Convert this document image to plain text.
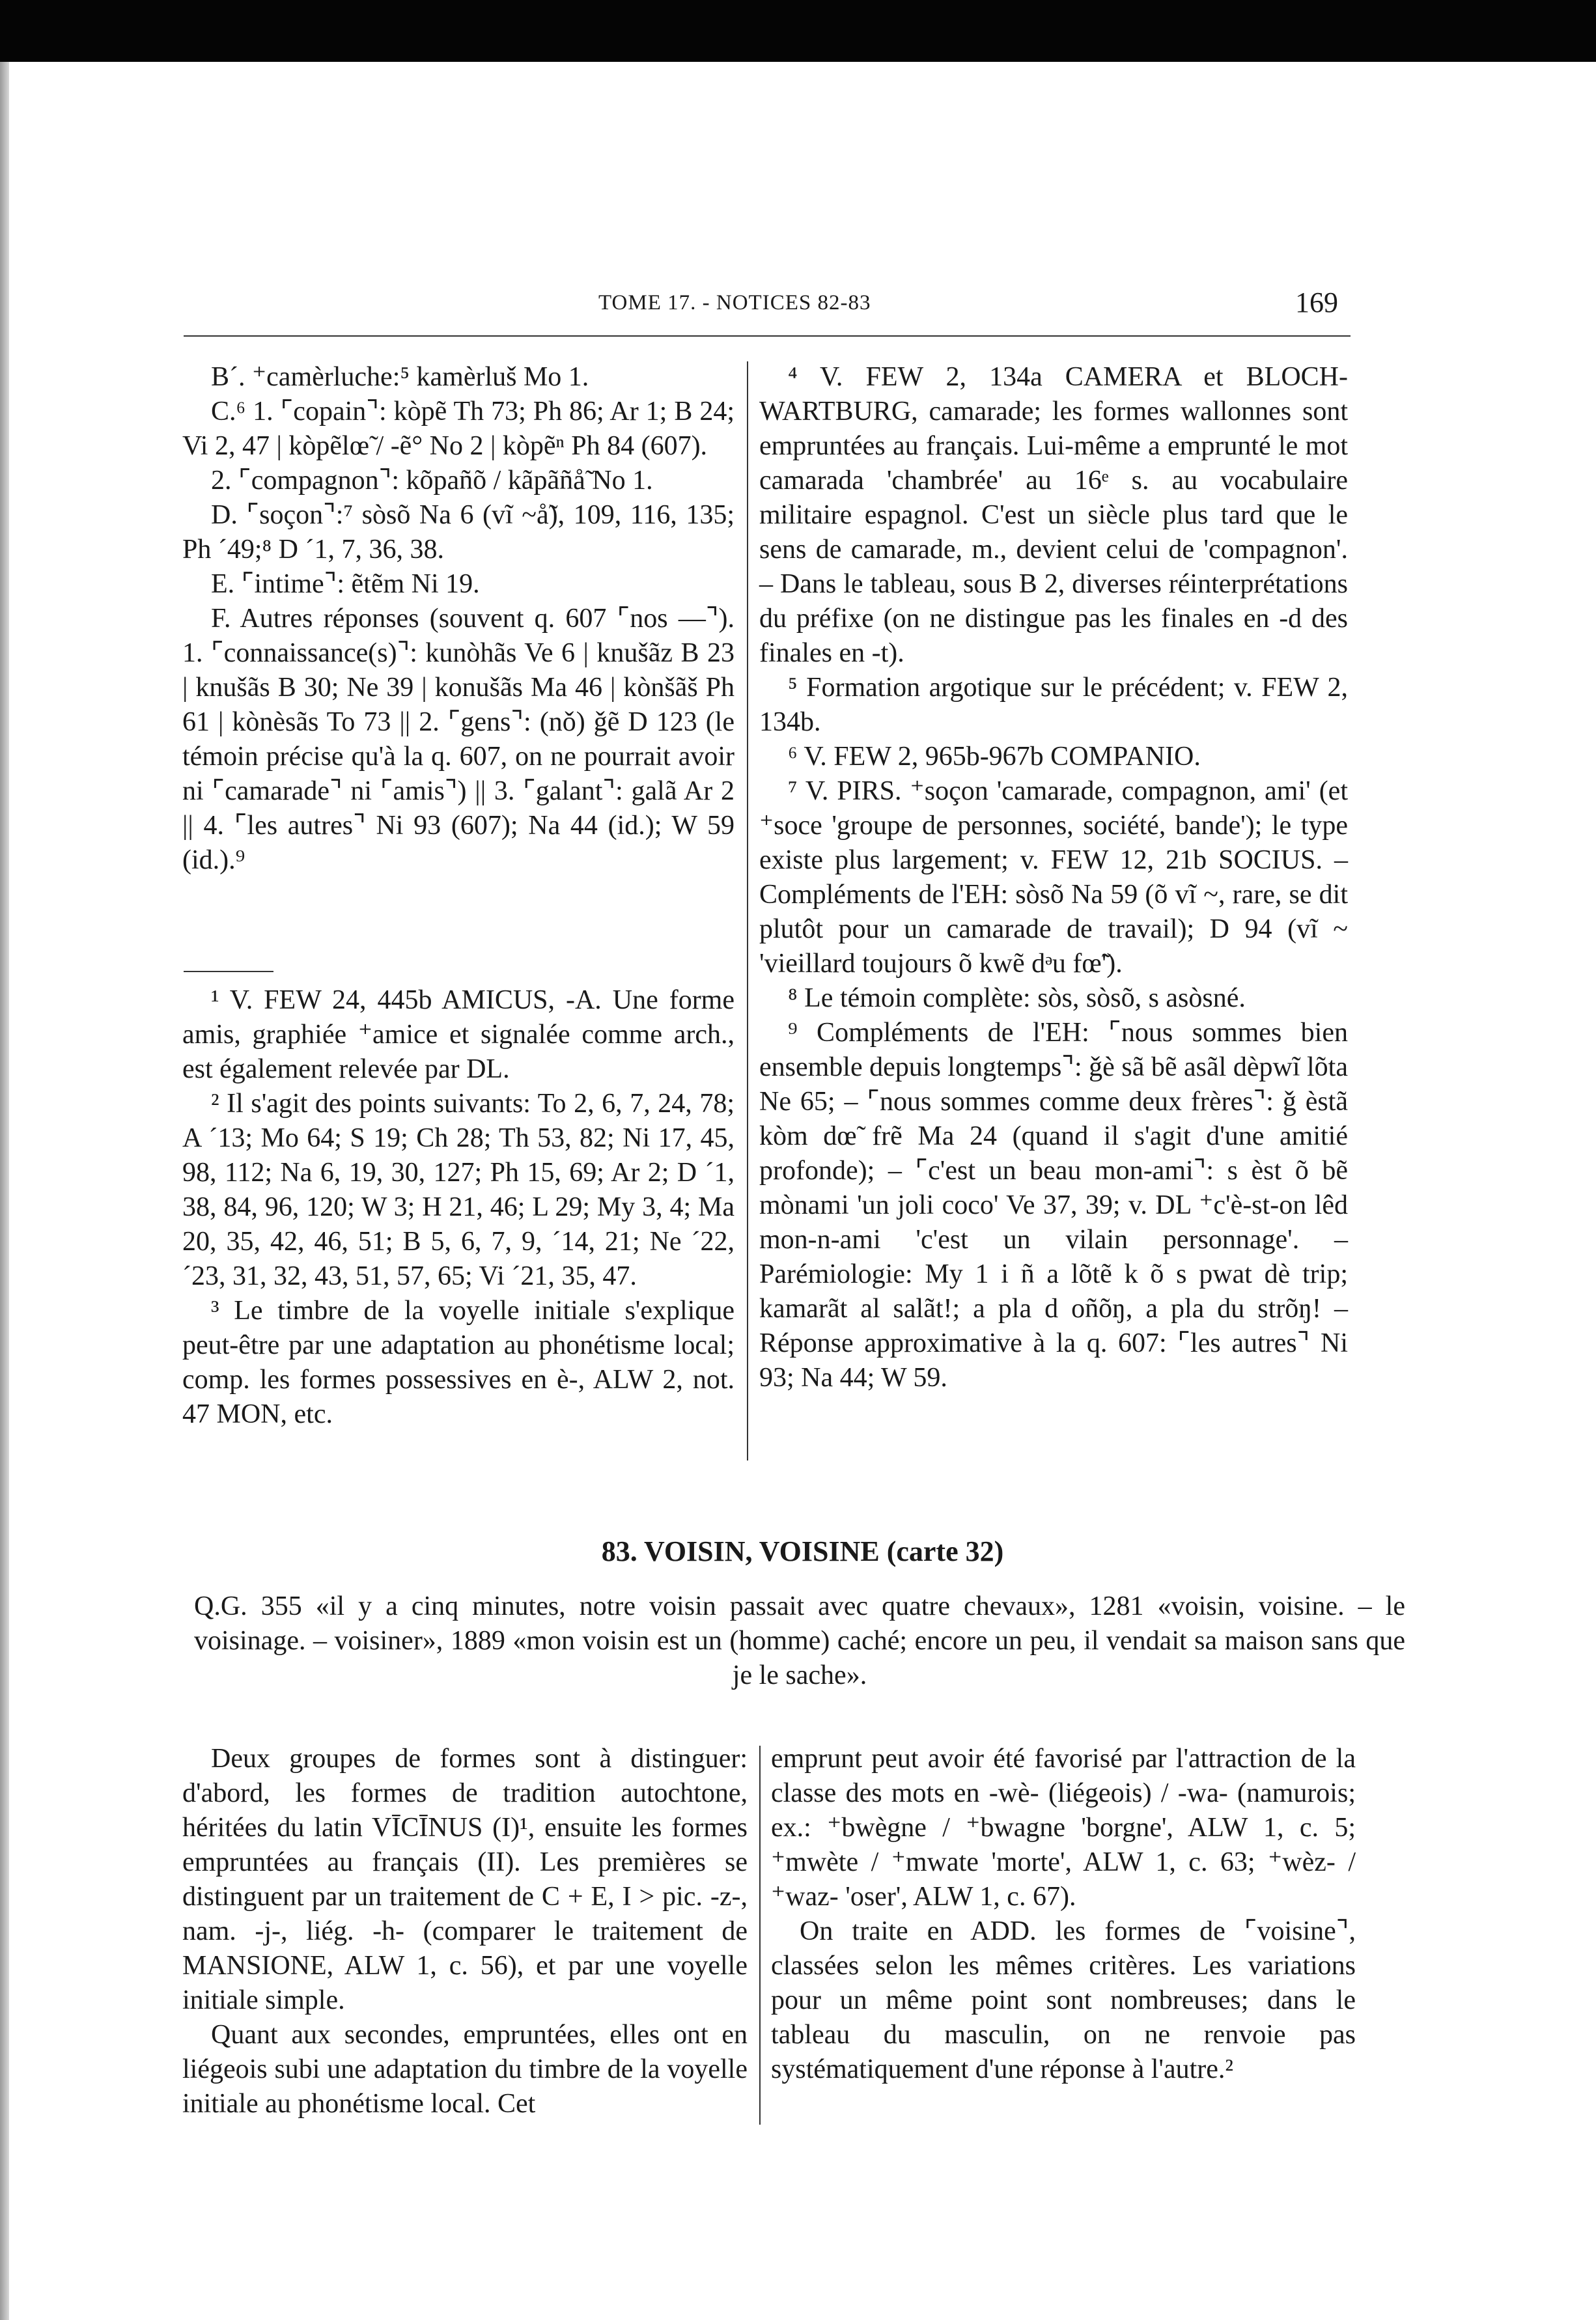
TOME 17. - NOTICES 82-83	169

B´. ⁺camèrluche:⁵ kamèrluš Mo 1.

C.⁶ 1. ⌜copain⌝: kòpẽ Th 73; Ph 86; Ar 1; B 24; Vi 2, 47 | kòpẽlœ̃ / -ẽ° No 2 | kòpẽⁿ Ph 84 (607).

2. ⌜compagnon⌝: kõpañõ / kãpãñå̃ No 1.

D. ⌜soçon⌝:⁷ sòsõ Na 6 (vĩ ~å̃), 109, 116, 135; Ph ´49;⁸ D ´1, 7, 36, 38.

E. ⌜intime⌝: ẽtẽm Ni 19.

F. Autres réponses (souvent q. 607 ⌜nos —⌝). 1. ⌜connaissance(s)⌝: kunòhãs Ve 6 | knušãz B 23 | knušãs B 30; Ne 39 | konušãs Ma 46 | kònšãš Ph 61 | kònèsãs To 73 || 2. ⌜gens⌝: (nǒ) ǧẽ D 123 (le témoin précise qu'à la q. 607, on ne pourrait avoir ni ⌜camarade⌝ ni ⌜amis⌝) || 3. ⌜galant⌝: galã Ar 2 || 4. ⌜les autres⌝ Ni 93 (607); Na 44 (id.); W 59 (id.).⁹

⁴ V. FEW 2, 134a CAMERA et BLOCH-WARTBURG, camarade; les formes wallonnes sont empruntées au français. Lui-même a emprunté le mot camarada 'chambrée' au 16ᵉ s. au vocabulaire militaire espagnol. C'est un siècle plus tard que le sens de camarade, m., devient celui de 'compagnon'. – Dans le tableau, sous B 2, diverses réinterprétations du préfixe (on ne distingue pas les finales en -d des finales en -t).

⁵ Formation argotique sur le précédent; v. FEW 2, 134b.

⁶ V. FEW 2, 965b-967b COMPANIO.

⁷ V. PIRS. ⁺soçon 'camarade, compagnon, ami' (et ⁺soce 'groupe de personnes, société, bande'); le type existe plus largement; v. FEW 12, 21b SOCIUS. – Compléments de l'EH: sòsõ Na 59 (õ vĩ ~, rare, se dit plutôt pour un camarade de travail); D 94 (vĩ ~ 'vieillard toujours õ kwẽ dᵊu fœ̃').

⁸ Le témoin complète: sòs, sòsõ, s asòsné.

⁹ Compléments de l'EH: ⌜nous sommes bien ensemble depuis longtemps⌝: ǧè sã bẽ asãl dèpwĩ lõta Ne 65; – ⌜nous sommes comme deux frères⌝: ǧ èstã kòm dœ̃ frẽ Ma 24 (quand il s'agit d'une amitié profonde); – ⌜c'est un beau mon-ami⌝: s èst õ bẽ mònami 'un joli coco' Ve 37, 39; v. DL ⁺c'è-st-on lêd mon-n-ami 'c'est un vilain personnage'. – Parémiologie: My 1 i ñ a lõtẽ k õ s pwat dè trip; kamarãt al salãt!; a pla d oñõŋ, a pla du strõŋ! – Réponse approximative à la q. 607: ⌜les autres⌝ Ni 93; Na 44; W 59.

¹ V. FEW 24, 445b AMICUS, -A. Une forme amis, graphiée ⁺amice et signalée comme arch., est également relevée par DL.

² Il s'agit des points suivants: To 2, 6, 7, 24, 78; A ´13; Mo 64; S 19; Ch 28; Th 53, 82; Ni 17, 45, 98, 112; Na 6, 19, 30, 127; Ph 15, 69; Ar 2; D ´1, 38, 84, 96, 120; W 3; H 21, 46; L 29; My 3, 4; Ma 20, 35, 42, 46, 51; B 5, 6, 7, 9, ´14, 21; Ne ´22, ´23, 31, 32, 43, 51, 57, 65; Vi ´21, 35, 47.

³ Le timbre de la voyelle initiale s'explique peut-être par une adaptation au phonétisme local; comp. les formes possessives en è-, ALW 2, not. 47 MON, etc.

83. VOISIN, VOISINE (carte 32)
Q.G. 355 «il y a cinq minutes, notre voisin passait avec quatre chevaux», 1281 «voisin, voisine. – le voisinage. – voisiner», 1889 «mon voisin est un (homme) caché; encore un peu, il vendait sa maison sans que je le sache».

Deux groupes de formes sont à distinguer: d'abord, les formes de tradition autochtone, héritées du latin VĪCĪNUS (I)¹, ensuite les formes empruntées au français (II). Les premières se distinguent par un traitement de C + E, I > pic. -z-, nam. -j-, liég. -h- (comparer le traitement de MANSIONE, ALW 1, c. 56), et par une voyelle initiale simple.

Quant aux secondes, empruntées, elles ont en liégeois subi une adaptation du timbre de la voyelle initiale au phonétisme local. Cet

emprunt peut avoir été favorisé par l'attraction de la classe des mots en -wè- (liégeois) / -wa- (namurois; ex.: ⁺bwègne / ⁺bwagne 'borgne', ALW 1, c. 5; ⁺mwète / ⁺mwate 'morte', ALW 1, c. 63; ⁺wèz- / ⁺waz- 'oser', ALW 1, c. 67).

On traite en ADD. les formes de ⌜voisine⌝, classées selon les mêmes critères. Les variations pour un même point sont nombreuses; dans le tableau du masculin, on ne renvoie pas systématiquement d'une réponse à l'autre.²
